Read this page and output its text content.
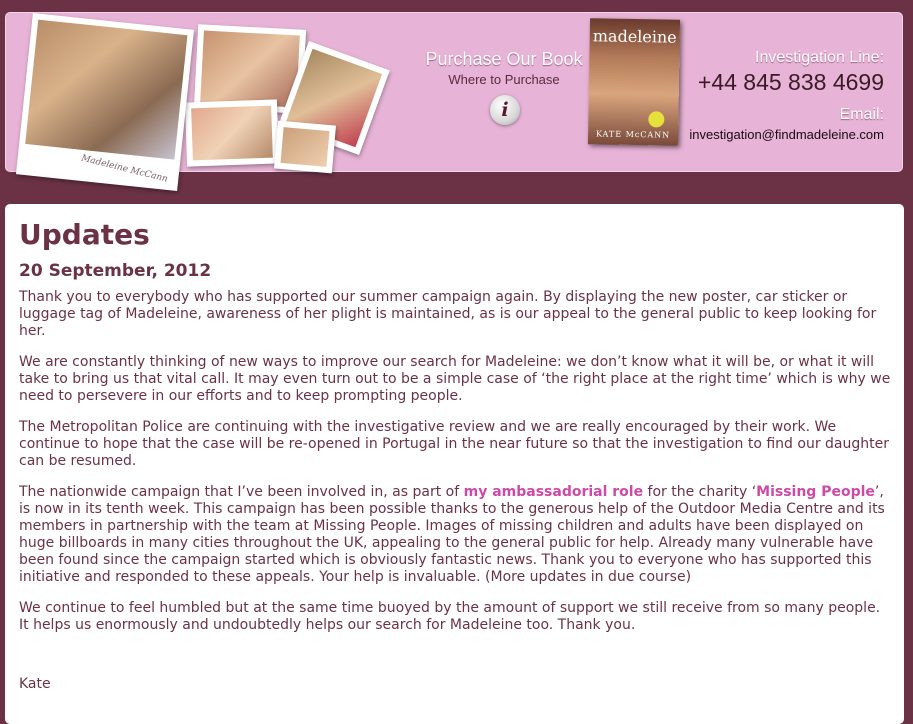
Madeleine McCann
Purchase Our Book
Where to Purchase
i
madeleine
KATE McCANN
Investigation Line:
+44 845 838 4699
Email:
investigation@findmadeleine.com
Updates
20 September, 2012

Thank you to everybody who has supported our summer campaign again. By displaying the new poster, car sticker or luggage tag of Madeleine, awareness of her plight is maintained, as is our appeal to the general public to keep looking for her.

We are constantly thinking of new ways to improve our search for Madeleine: we don’t know what it will be, or what it will take to bring us that vital call. It may even turn out to be a simple case of ‘the right place at the right time’ which is why we need to persevere in our efforts and to keep prompting people.

The Metropolitan Police are continuing with the investigative review and we are really encouraged by their work. We continue to hope that the case will be re-opened in Portugal in the near future so that the investigation to find our daughter can be resumed.

The nationwide campaign that I’ve been involved in, as part of my ambassadorial role for the charity ‘Missing People’, is now in its tenth week. This campaign has been possible thanks to the generous help of the Outdoor Media Centre and its members in partnership with the team at Missing People. Images of missing children and adults have been displayed on huge billboards in many cities throughout the UK, appealing to the general public for help. Already many vulnerable have been found since the campaign started which is obviously fantastic news. Thank you to everyone who has supported this initiative and responded to these appeals. Your help is invaluable. (More updates in due course)

We continue to feel humbled but at the same time buoyed by the amount of support we still receive from so many people. It helps us enormously and undoubtedly helps our search for Madeleine too. Thank you.

Kate
